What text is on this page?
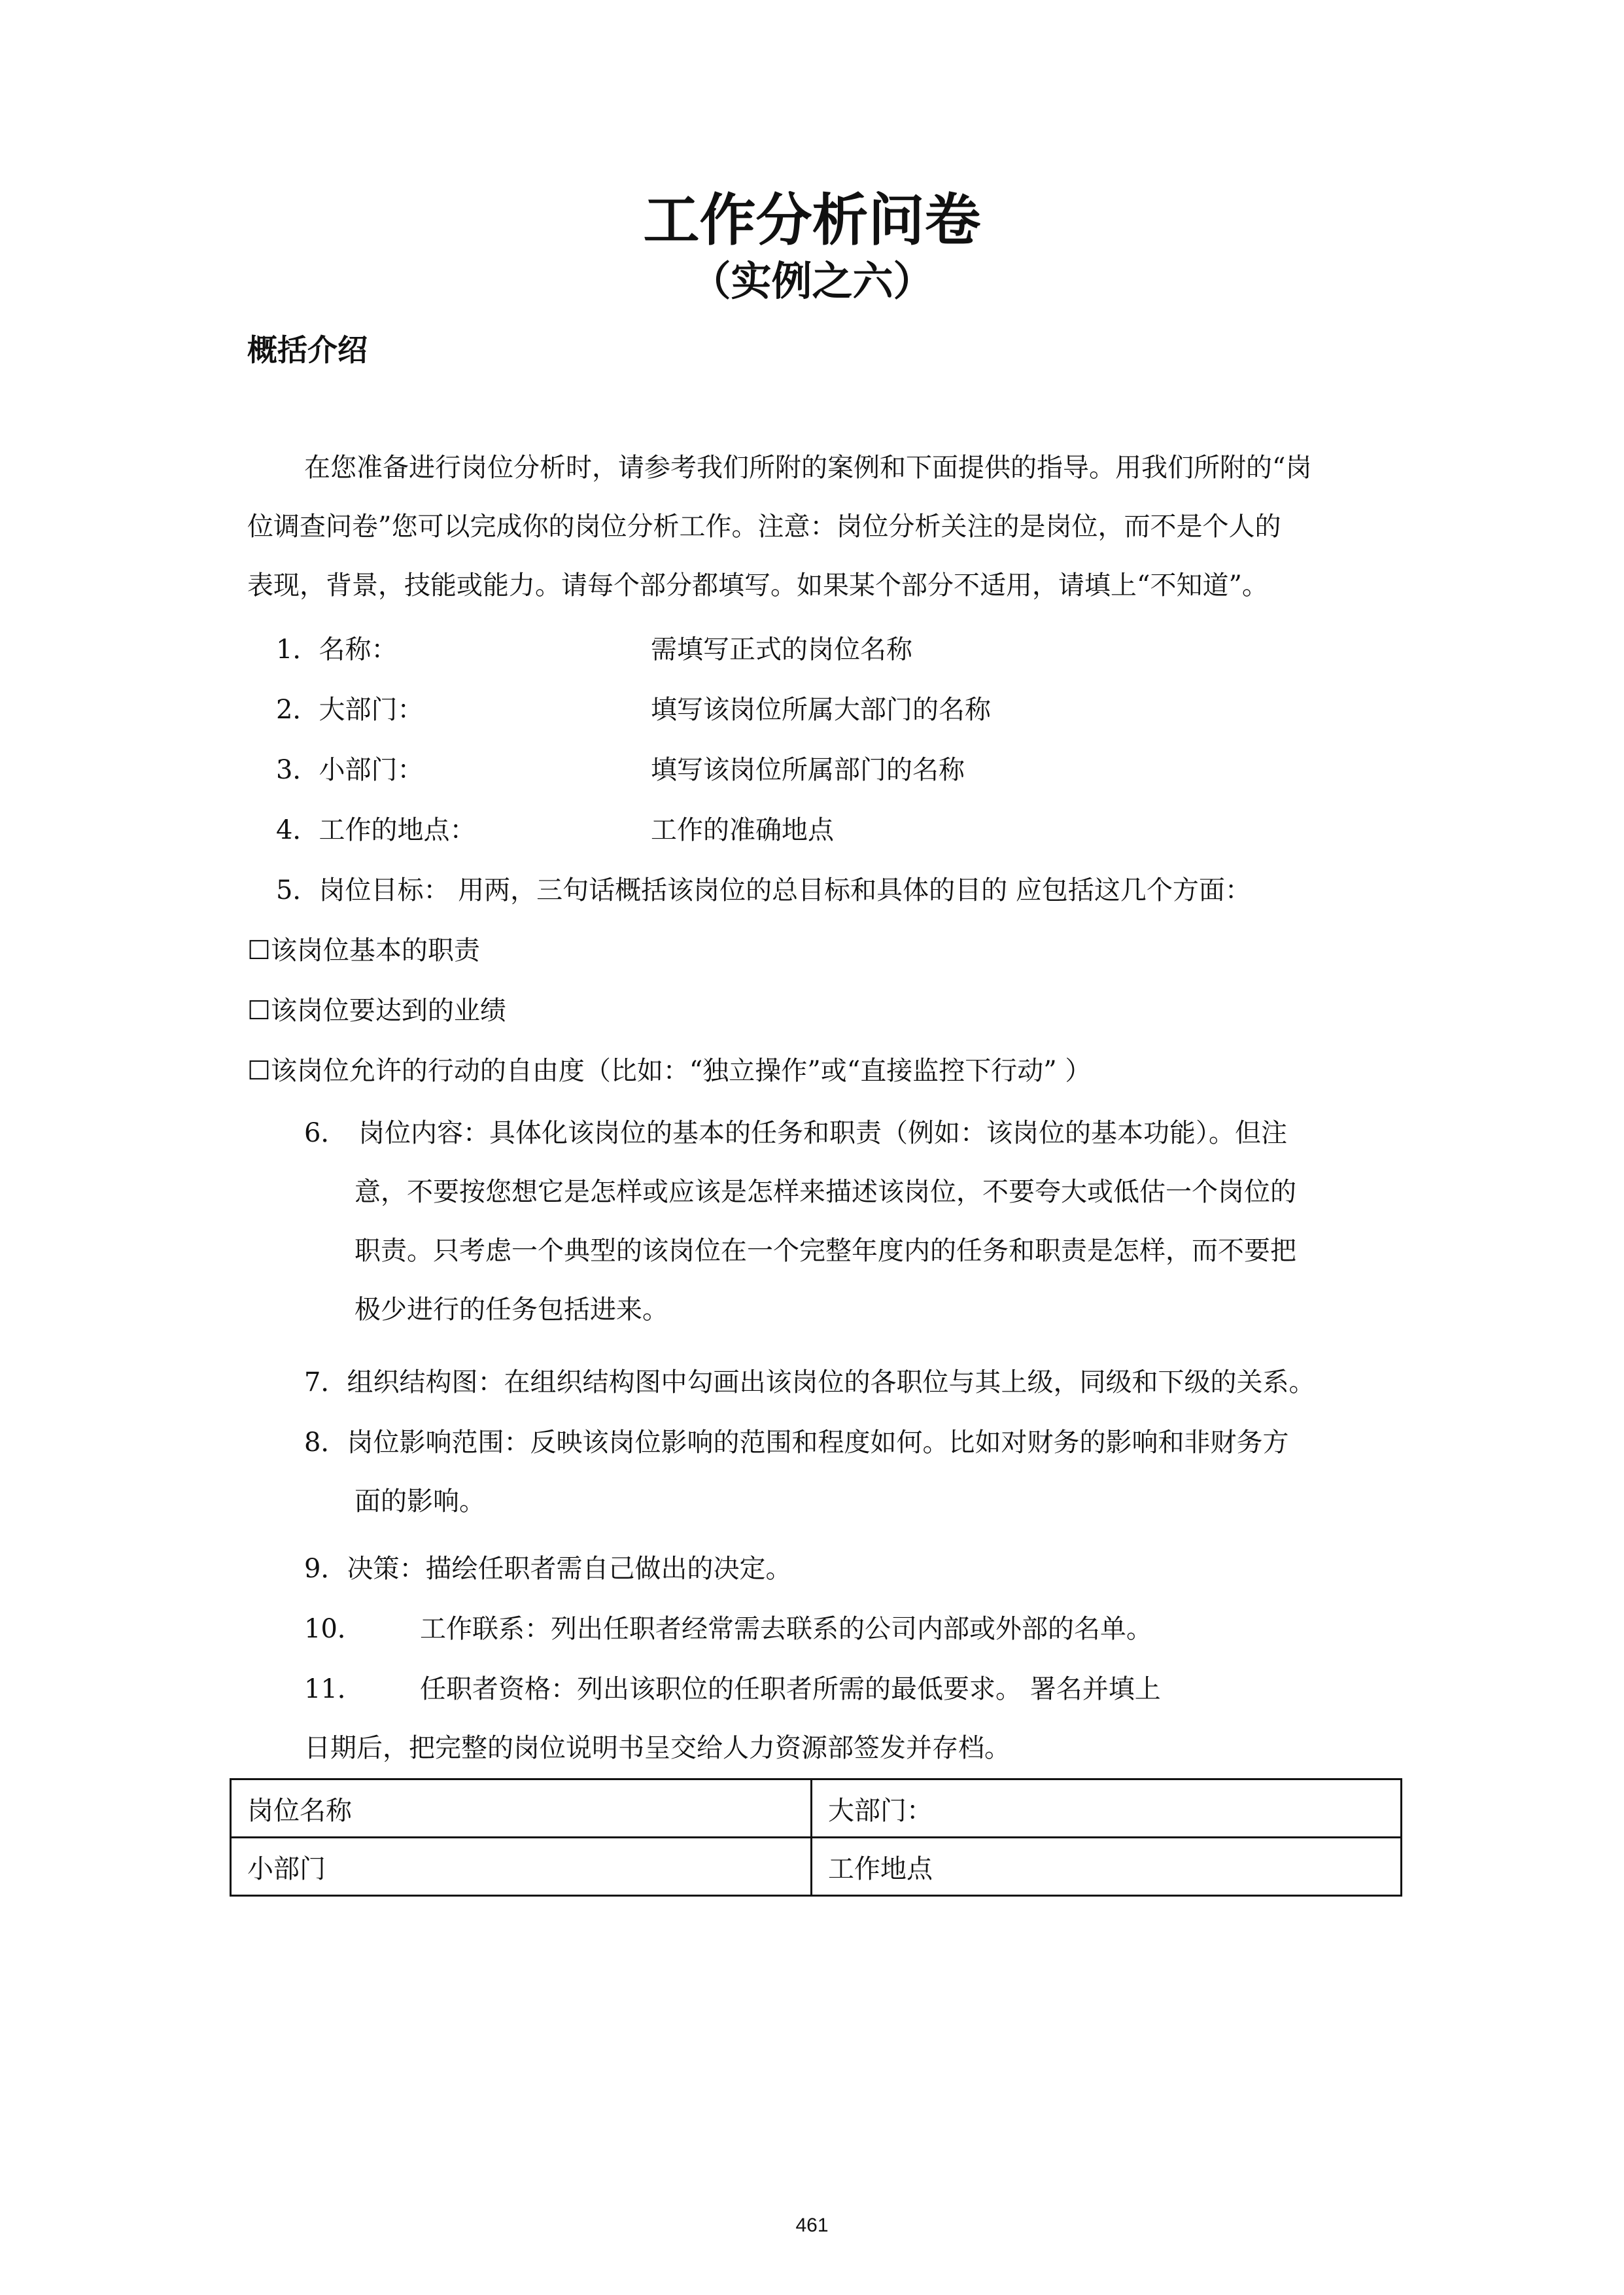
工作分析问卷
（实例之六）
概括介绍
在您准备进行岗位分析时，请参考我们所附的案例和下面提供的指导。用我们所附的“岗
位调查问卷”您可以完成你的岗位分析工作。注意：岗位分析关注的是岗位，而不是个人的
表现，背景，技能或能力。请每个部分都填写。如果某个部分不适用，请填上“不知道”。
1．名称：	需填写正式的岗位名称
2．大部门：	填写该岗位所属大部门的名称
3．小部门：	填写该岗位所属部门的名称
4．工作的地点：	工作的准确地点
5．岗位目标： 用两，三句话概括该岗位的总目标和具体的目的 应包括这几个方面：
☐该岗位基本的职责
☐该岗位要达到的业绩
☐该岗位允许的行动的自由度（比如：“独立操作”或“直接监控下行动” ）
6． 岗位内容：具体化该岗位的基本的任务和职责（例如：该岗位的基本功能）。但注
意，不要按您想它是怎样或应该是怎样来描述该岗位，不要夸大或低估一个岗位的
职责。只考虑一个典型的该岗位在一个完整年度内的任务和职责是怎样，而不要把
极少进行的任务包括进来。
7．组织结构图：在组织结构图中勾画出该岗位的各职位与其上级，同级和下级的关系。
8．岗位影响范围：反映该岗位影响的范围和程度如何。比如对财务的影响和非财务方
面的影响。
9．决策：描绘任职者需自己做出的决定。
10． 工作联系：列出任职者经常需去联系的公司内部或外部的名单。
11． 任职者资格：列出该职位的任职者所需的最低要求。 署名并填上
日期后，把完整的岗位说明书呈交给人力资源部签发并存档。
岗位名称	大部门：
小部门	工作地点
461
